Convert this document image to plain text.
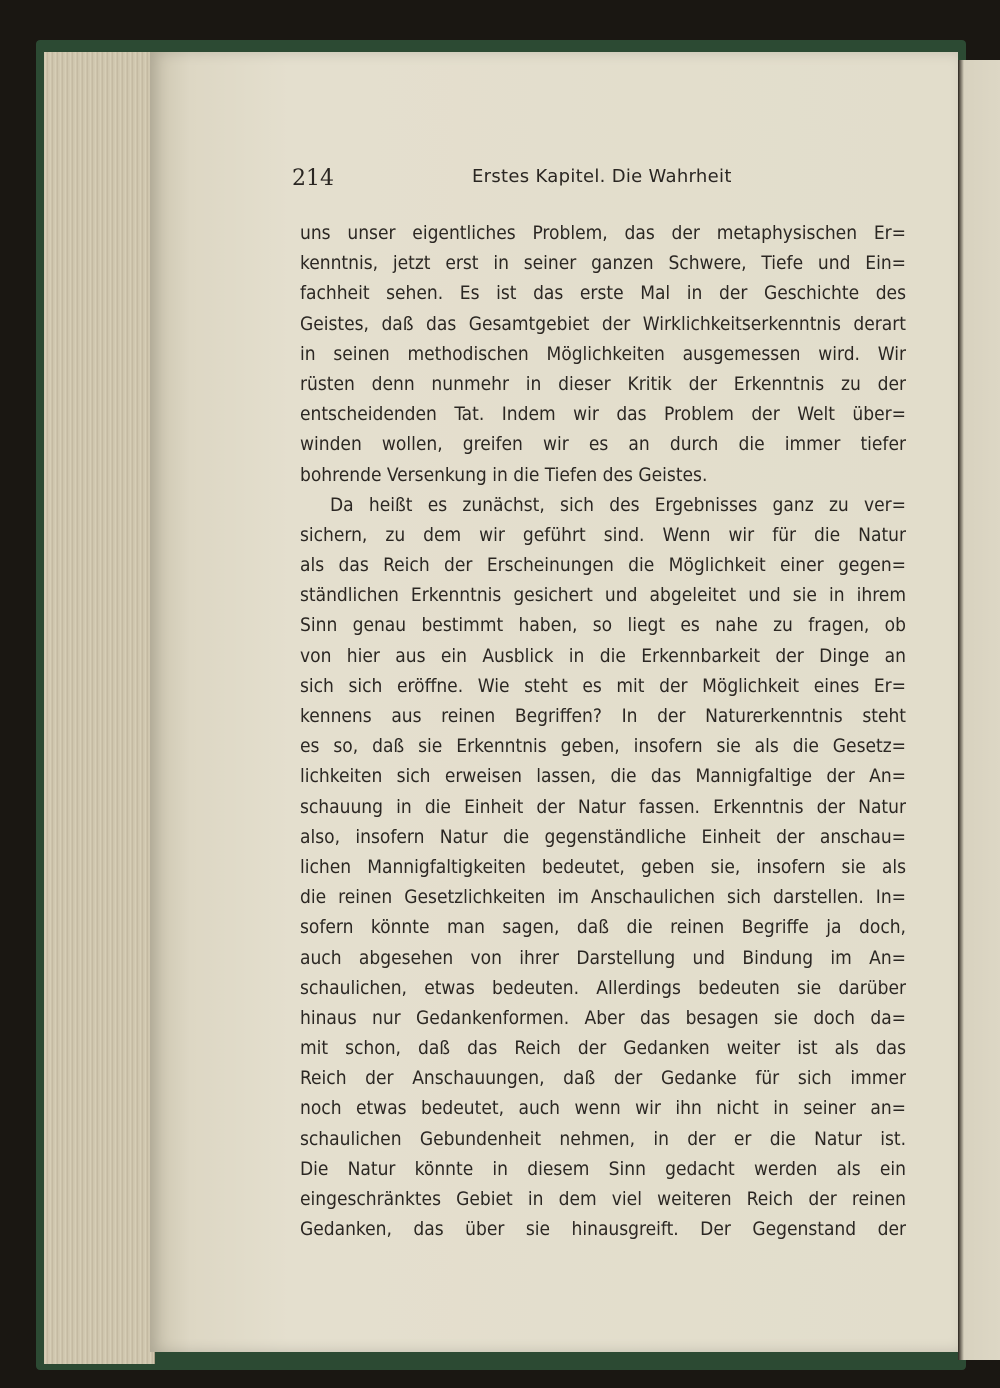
214	Erstes Kapitel. Die Wahrheit
uns unser eigentliches Problem, das der metaphysischen Er=
kenntnis, jetzt erst in seiner ganzen Schwere, Tiefe und Ein=
fachheit sehen. Es ist das erste Mal in der Geschichte des
Geistes, daß das Gesamtgebiet der Wirklichkeitserkenntnis derart
in seinen methodischen Möglichkeiten ausgemessen wird. Wir
rüsten denn nunmehr in dieser Kritik der Erkenntnis zu der
entscheidenden Tat. Indem wir das Problem der Welt über=
winden wollen, greifen wir es an durch die immer tiefer
bohrende Versenkung in die Tiefen des Geistes.
Da heißt es zunächst, sich des Ergebnisses ganz zu ver=
sichern, zu dem wir geführt sind. Wenn wir für die Natur
als das Reich der Erscheinungen die Möglichkeit einer gegen=
ständlichen Erkenntnis gesichert und abgeleitet und sie in ihrem
Sinn genau bestimmt haben, so liegt es nahe zu fragen, ob
von hier aus ein Ausblick in die Erkennbarkeit der Dinge an
sich sich eröffne. Wie steht es mit der Möglichkeit eines Er=
kennens aus reinen Begriffen? In der Naturerkenntnis steht
es so, daß sie Erkenntnis geben, insofern sie als die Gesetz=
lichkeiten sich erweisen lassen, die das Mannigfaltige der An=
schauung in die Einheit der Natur fassen. Erkenntnis der Natur
also, insofern Natur die gegenständliche Einheit der anschau=
lichen Mannigfaltigkeiten bedeutet, geben sie, insofern sie als
die reinen Gesetzlichkeiten im Anschaulichen sich darstellen. In=
sofern könnte man sagen, daß die reinen Begriffe ja doch,
auch abgesehen von ihrer Darstellung und Bindung im An=
schaulichen, etwas bedeuten. Allerdings bedeuten sie darüber
hinaus nur Gedankenformen. Aber das besagen sie doch da=
mit schon, daß das Reich der Gedanken weiter ist als das
Reich der Anschauungen, daß der Gedanke für sich immer
noch etwas bedeutet, auch wenn wir ihn nicht in seiner an=
schaulichen Gebundenheit nehmen, in der er die Natur ist.
Die Natur könnte in diesem Sinn gedacht werden als ein
eingeschränktes Gebiet in dem viel weiteren Reich der reinen
Gedanken, das über sie hinausgreift. Der Gegenstand der
